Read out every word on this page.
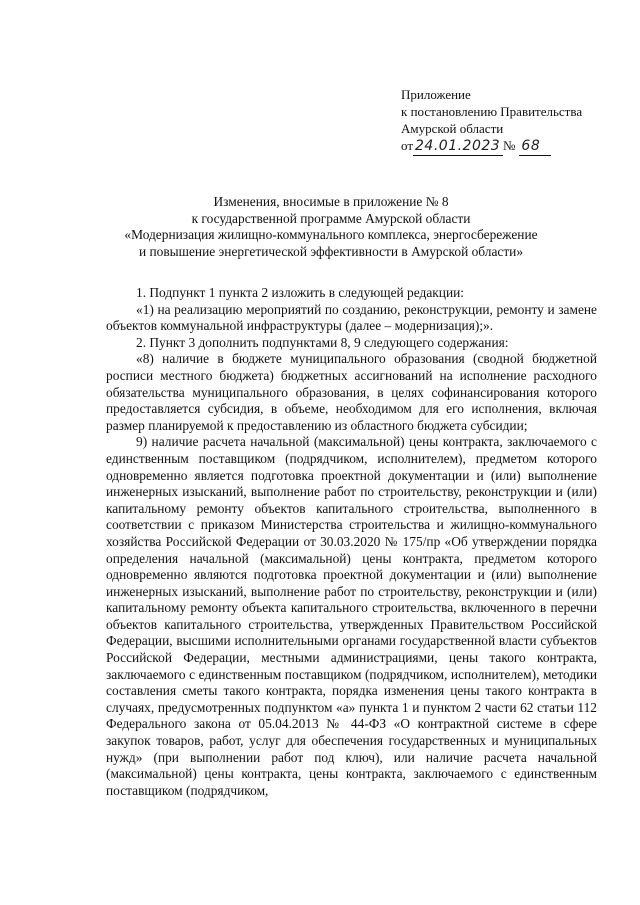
Приложение
к постановлению Правительства
Амурской области
от 24.01.2023 № 68
Изменения, вносимые в приложение № 8
к государственной программе Амурской области
«Модернизация жилищно-коммунального комплекса, энергосбережение
и повышение энергетической эффективности в Амурской области»

1. Подпункт 1 пункта 2 изложить в следующей редакции:

«1) на реализацию мероприятий по созданию, реконструкции, ремонту и замене объектов коммунальной инфраструктуры (далее – модернизация);».

2. Пункт 3 дополнить подпунктами 8, 9 следующего содержания:

«8) наличие в бюджете муниципального образования (сводной бюджетной росписи местного бюджета) бюджетных ассигнований на исполнение расходного обязательства муниципального образования, в целях софинансирования которого предоставляется субсидия, в объеме, необходимом для его исполнения, включая размер планируемой к предоставлению из областного бюджета субсидии;

9) наличие расчета начальной (максимальной) цены контракта, заключаемого с единственным поставщиком (подрядчиком, исполнителем), предметом которого одновременно является подготовка проектной документации и (или) выполнение инженерных изысканий, выполнение работ по строительству, реконструкции и (или) капитальному ремонту объектов капитального строительства, выполненного в соответствии с приказом Министерства строительства и жилищно-коммунального хозяйства Российской Федерации от 30.03.2020 № 175/пр «Об утверждении порядка определения начальной (максимальной) цены контракта, предметом которого одновременно являются подготовка проектной документации и (или) выполнение инженерных изысканий, выполнение работ по строительству, реконструкции и (или) капитальному ремонту объекта капитального строительства, включенного в перечни объектов капитального строительства, утвержденных Правительством Российской Федерации, высшими исполнительными органами государственной власти субъектов Российской Федерации, местными администрациями, цены такого контракта, заключаемого с единственным поставщиком (подрядчиком, исполнителем), методики составления сметы такого контракта, порядка изменения цены такого контракта в случаях, предусмотренных подпунктом «а» пункта 1 и пунктом 2 части 62 статьи 112 Федерального закона от 05.04.2013 № 44-ФЗ «О контрактной системе в сфере закупок товаров, работ, услуг для обеспечения государственных и муниципальных нужд» (при выполнении работ под ключ), или наличие расчета начальной (максимальной) цены контракта, цены контракта, заключаемого с единственным поставщиком (подрядчиком,
